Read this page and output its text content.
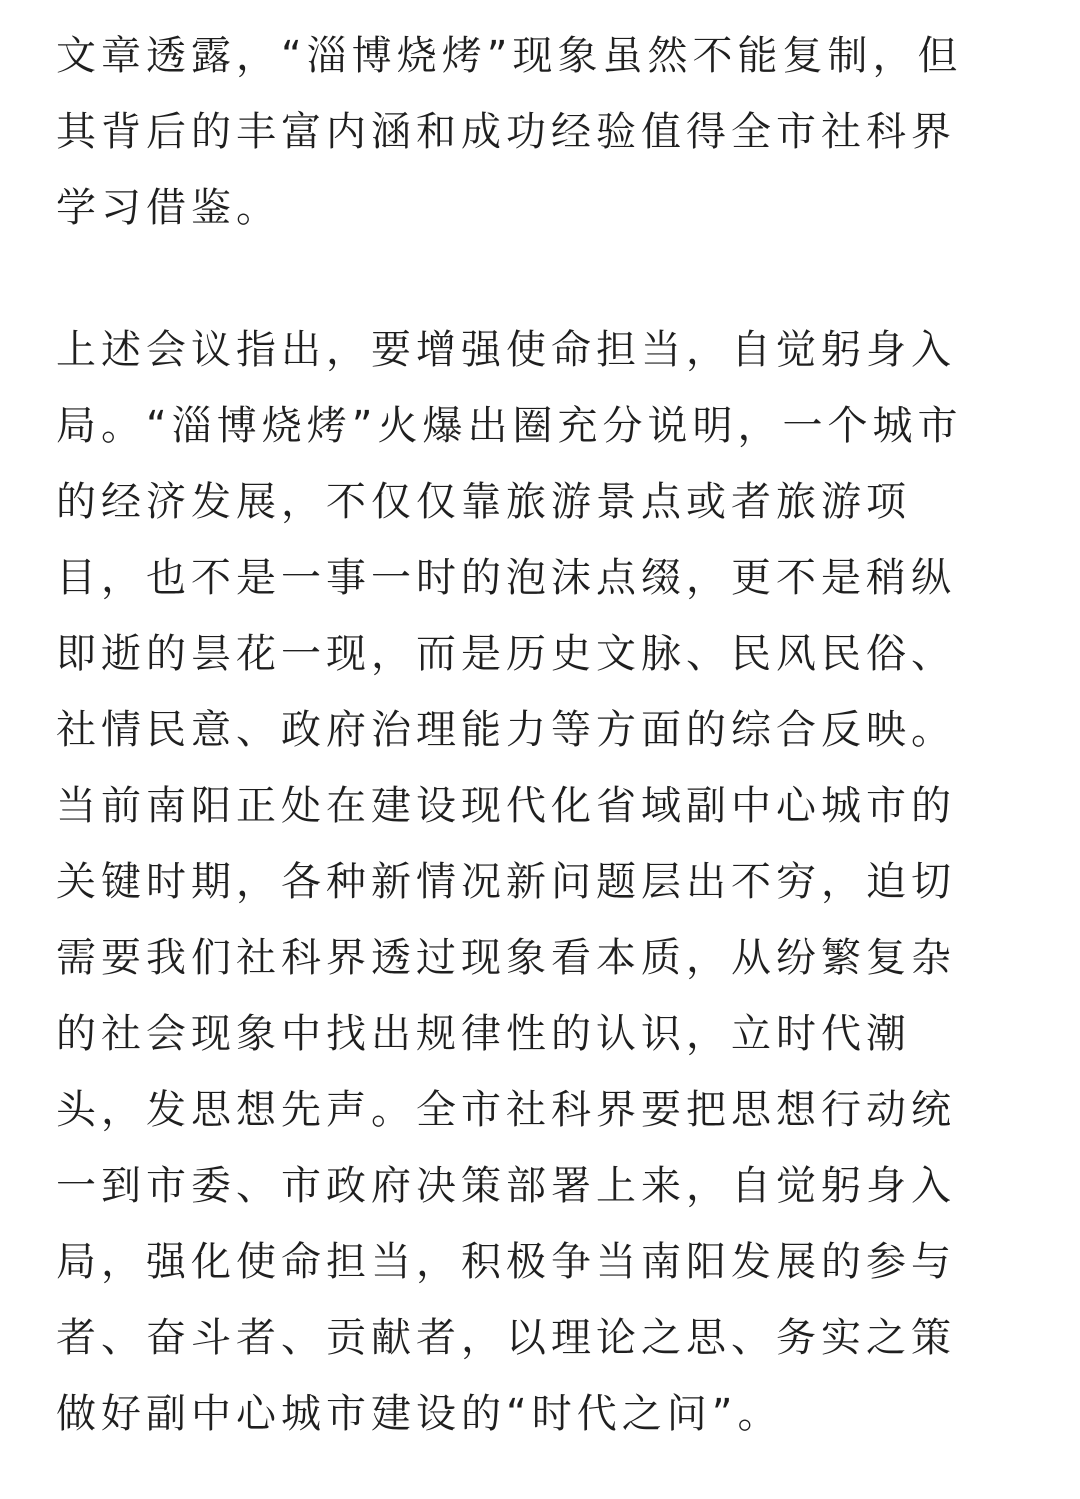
文章透露，“淄博烧烤”现象虽然不能复制，但
其背后的丰富内涵和成功经验值得全市社科界
学习借鉴。
上述会议指出，要增强使命担当，自觉躬身入
局。“淄博烧烤”火爆出圈充分说明，一个城市
的经济发展，不仅仅靠旅游景点或者旅游项
目，也不是一事一时的泡沫点缀，更不是稍纵
即逝的昙花一现，而是历史文脉、民风民俗、
社情民意、政府治理能力等方面的综合反映。
当前南阳正处在建设现代化省域副中心城市的
关键时期，各种新情况新问题层出不穷，迫切
需要我们社科界透过现象看本质，从纷繁复杂
的社会现象中找出规律性的认识，立时代潮
头，发思想先声。全市社科界要把思想行动统
一到市委、市政府决策部署上来，自觉躬身入
局，强化使命担当，积极争当南阳发展的参与
者、奋斗者、贡献者，以理论之思、务实之策
做好副中心城市建设的“时代之问”。
